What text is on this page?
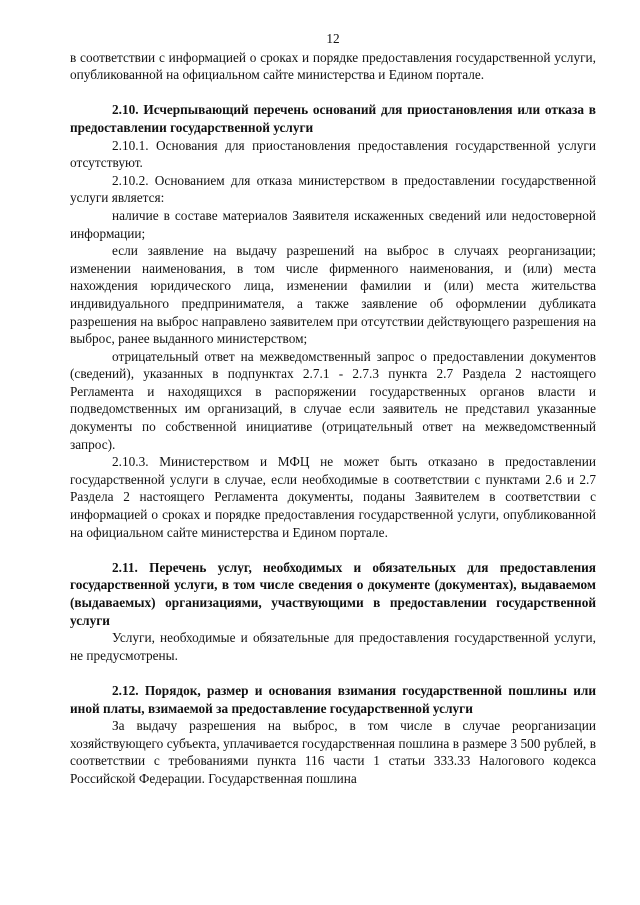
12

в соответствии с информацией о сроках и порядке предоставления государственной услуги, опубликованной на официальном сайте министерства и Едином портале.

2.10. Исчерпывающий перечень оснований для приостановления или отказа в предоставлении государственной услуги

2.10.1. Основания для приостановления предоставления государственной услуги отсутствуют.

2.10.2. Основанием для отказа министерством в предоставлении государственной услуги является:

наличие в составе материалов Заявителя искаженных сведений или недостоверной информации;

если заявление на выдачу разрешений на выброс в случаях реорганизации; изменении наименования, в том числе фирменного наименования, и (или) места нахождения юридического лица, изменении фамилии и (или) места жительства индивидуального предпринимателя, а также заявление об оформлении дубликата разрешения на выброс направлено заявителем при отсутствии действующего разрешения на выброс, ранее выданного министерством;

отрицательный ответ на межведомственный запрос о предоставлении документов (сведений), указанных в подпунктах 2.7.1 - 2.7.3 пункта 2.7 Раздела 2 настоящего Регламента и находящихся в распоряжении государственных органов власти и подведомственных им организаций, в случае если заявитель не представил указанные документы по собственной инициативе (отрицательный ответ на межведомственный запрос).

2.10.3. Министерством и МФЦ не может быть отказано в предоставлении государственной услуги в случае, если необходимые в соответствии с пунктами 2.6 и 2.7 Раздела 2 настоящего Регламента документы, поданы Заявителем в соответствии с информацией о сроках и порядке предоставления государственной услуги, опубликованной на официальном сайте министерства и Едином портале.

2.11. Перечень услуг, необходимых и обязательных для предоставления государственной услуги, в том числе сведения о документе (документах), выдаваемом (выдаваемых) организациями, участвующими в предоставлении государственной услуги

Услуги, необходимые и обязательные для предоставления государственной услуги, не предусмотрены.

2.12. Порядок, размер и основания взимания государственной пошлины или иной платы, взимаемой за предоставление государственной услуги

За выдачу разрешения на выброс, в том числе в случае реорганизации хозяйствующего субъекта, уплачивается государственная пошлина в размере 3 500 рублей, в соответствии с требованиями пункта 116 части 1 статьи 333.33 Налогового кодекса Российской Федерации. Государственная пошлина
